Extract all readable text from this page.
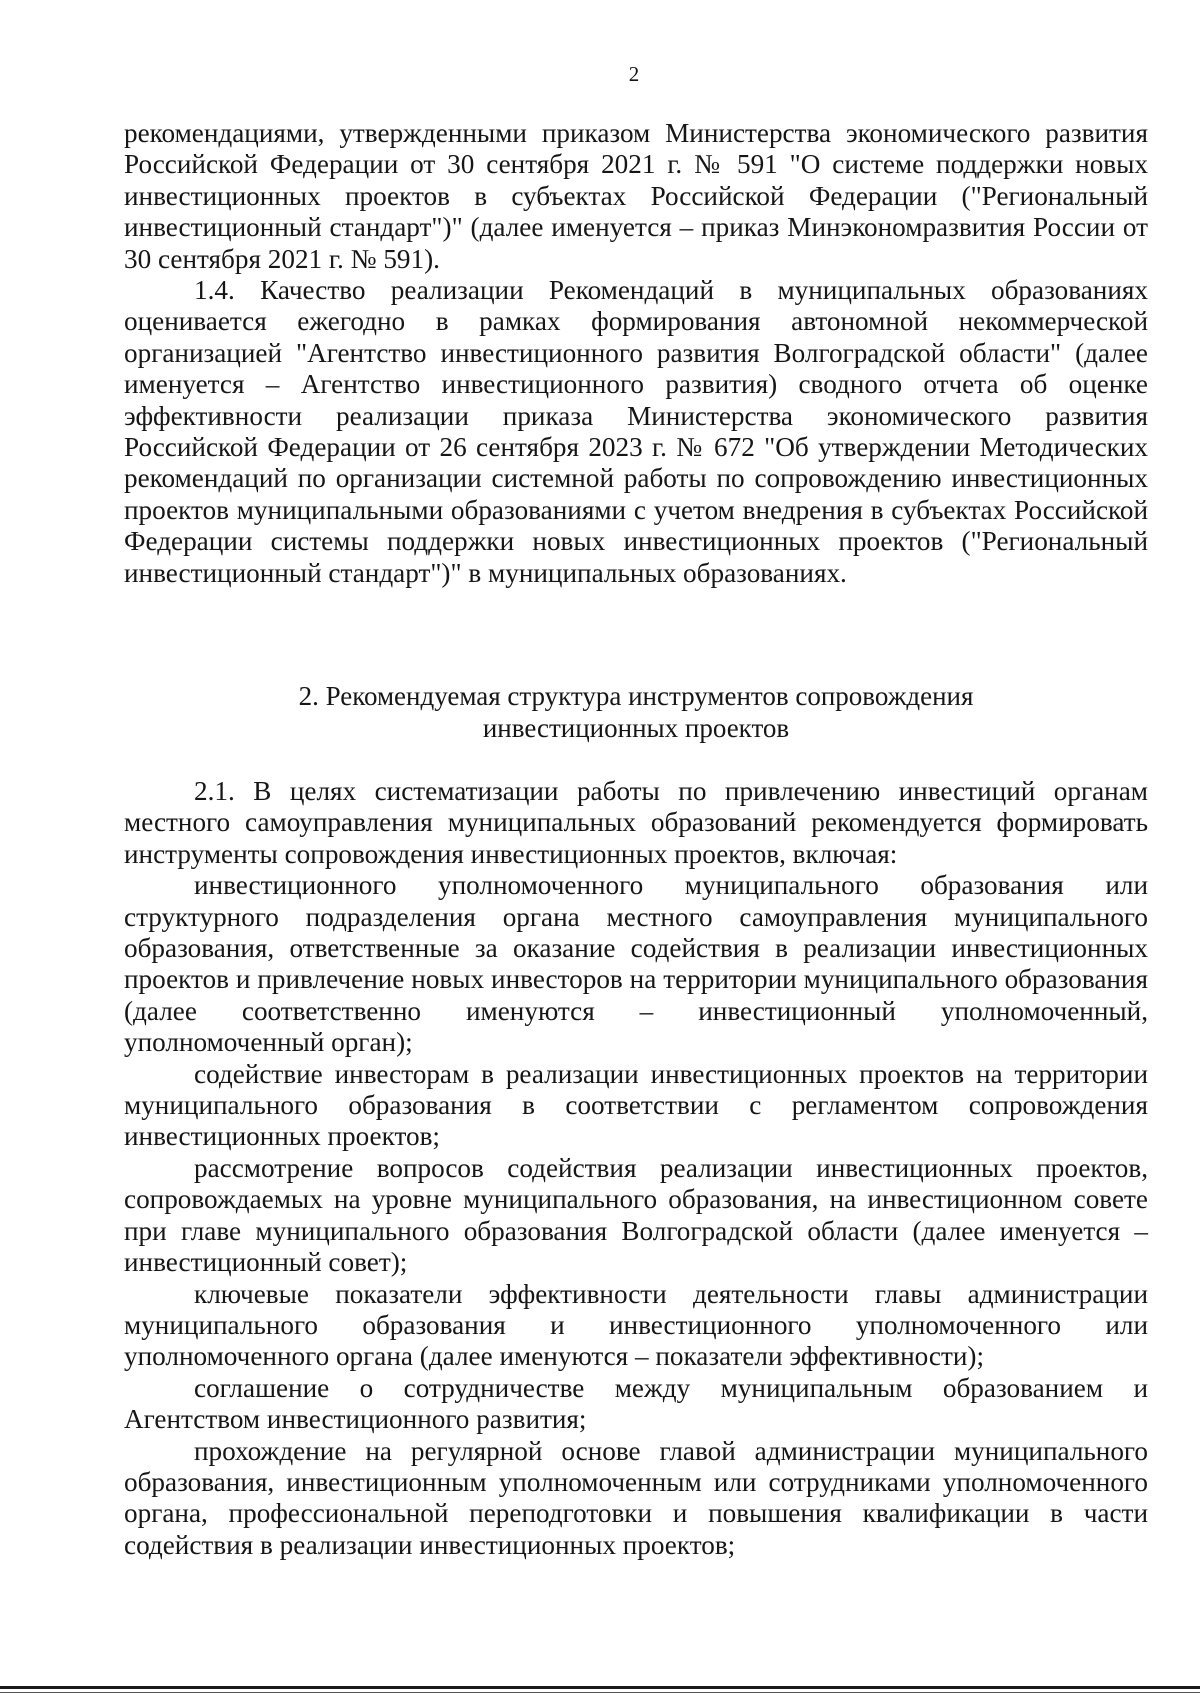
2

рекомендациями, утвержденными приказом Министерства экономического развития Российской Федерации от 30 сентября 2021 г. № 591 "О системе поддержки новых инвестиционных проектов в субъектах Российской Федерации ("Региональный инвестиционный стандарт")" (далее именуется – приказ Минэкономразвития России от 30 сентября 2021 г. № 591).

1.4. Качество реализации Рекомендаций в муниципальных образованиях оценивается ежегодно в рамках формирования автономной некоммерческой организацией "Агентство инвестиционного развития Волгоградской области" (далее именуется – Агентство инвестиционного развития) сводного отчета об оценке эффективности реализации приказа Министерства экономического развития Российской Федерации от 26 сентября 2023 г. № 672 "Об утверждении Методических рекомендаций по организации системной работы по сопровождению инвестиционных проектов муниципальными образованиями с учетом внедрения в субъектах Российской Федерации системы поддержки новых инвестиционных проектов ("Региональный инвестиционный стандарт")" в муниципальных образованиях.

2. Рекомендуемая структура инструментов сопровождения
инвестиционных проектов

2.1. В целях систематизации работы по привлечению инвестиций органам местного самоуправления муниципальных образований рекомендуется формировать инструменты сопровождения инвестиционных проектов, включая:

инвестиционного уполномоченного муниципального образования или структурного подразделения органа местного самоуправления муниципального образования, ответственные за оказание содействия в реализации инвестиционных проектов и привлечение новых инвесторов на территории муниципального образования (далее соответственно именуются – инвестиционный уполномоченный, уполномоченный орган);

содействие инвесторам в реализации инвестиционных проектов на территории муниципального образования в соответствии с регламентом сопровождения инвестиционных проектов;

рассмотрение вопросов содействия реализации инвестиционных проектов, сопровождаемых на уровне муниципального образования, на инвестиционном совете при главе муниципального образования Волгоградской области (далее именуется – инвестиционный совет);

ключевые показатели эффективности деятельности главы администрации муниципального образования и инвестиционного уполномоченного или уполномоченного органа (далее именуются – показатели эффективности);

соглашение о сотрудничестве между муниципальным образованием и Агентством инвестиционного развития;

прохождение на регулярной основе главой администрации муниципального образования, инвестиционным уполномоченным или сотрудниками уполномоченного органа, профессиональной переподготовки и повышения квалификации в части содействия в реализации инвестиционных проектов;
